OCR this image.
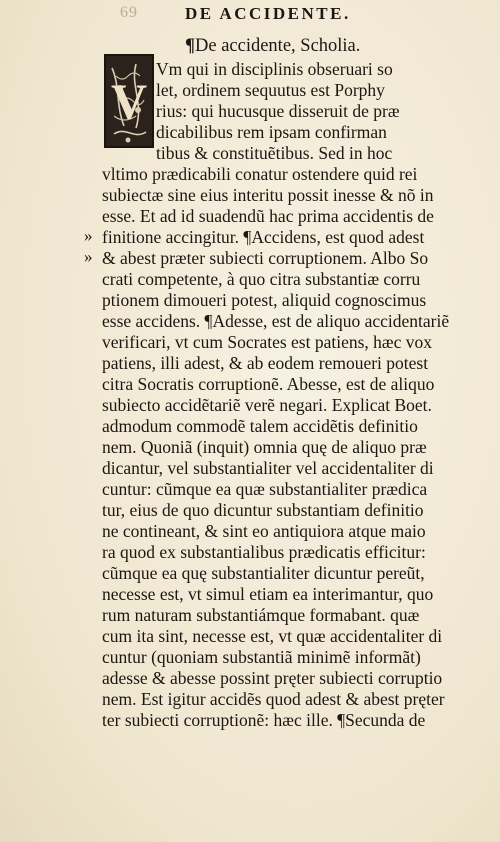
69	DE ACCIDENTE.
¶De accidente, Scholia.
V
Vm qui in disciplinis obseruari so
let, ordinem sequutus est Porphy
rius: qui hucusque disseruit de præ
dicabilibus rem ipsam confirman
tibus & constituẽtibus. Sed in hoc
vltimo prædicabili conatur ostendere quid rei
subiectæ sine eius interitu possit inesse & nõ in
esse. Et ad id suadendũ hac prima accidentis de
finitione accingitur. ¶Accidens, est quod adest
& abest præter subiecti corruptionem. Albo So
crati competente, à quo citra substantiæ corru
ptionem dimoueri potest, aliquid cognoscimus
esse accidens. ¶Adesse, est de aliquo accidentariẽ
verificari, vt cum Socrates est patiens, hæc vox
patiens, illi adest, & ab eodem remoueri potest
citra Socratis corruptionẽ. Abesse, est de aliquo
subiecto accidẽtariẽ verẽ negari. Explicat Boet.
admodum commodẽ talem accidẽtis definitio
nem. Quoniã (inquit) omnia quę de aliquo præ
dicantur, vel substantialiter vel accidentaliter di
cuntur: cũmque ea quæ substantialiter prædica
tur, eius de quo dicuntur substantiam definitio
ne contineant, & sint eo antiquiora atque maio
ra quod ex substantialibus prædicatis efficitur:
cũmque ea quę substantialiter dicuntur pereũt,
necesse est, vt simul etiam ea interimantur, quo
rum naturam substantiámque formabant. quæ
cum ita sint, necesse est, vt quæ accidentaliter di
cuntur (quoniam substantiã minimẽ informãt)
adesse & abesse possint pręter subiecti corruptio
nem. Est igitur accidẽs quod adest & abest pręter
ter subiecti corruptionẽ: hæc ille. ¶Secunda de
»
»
